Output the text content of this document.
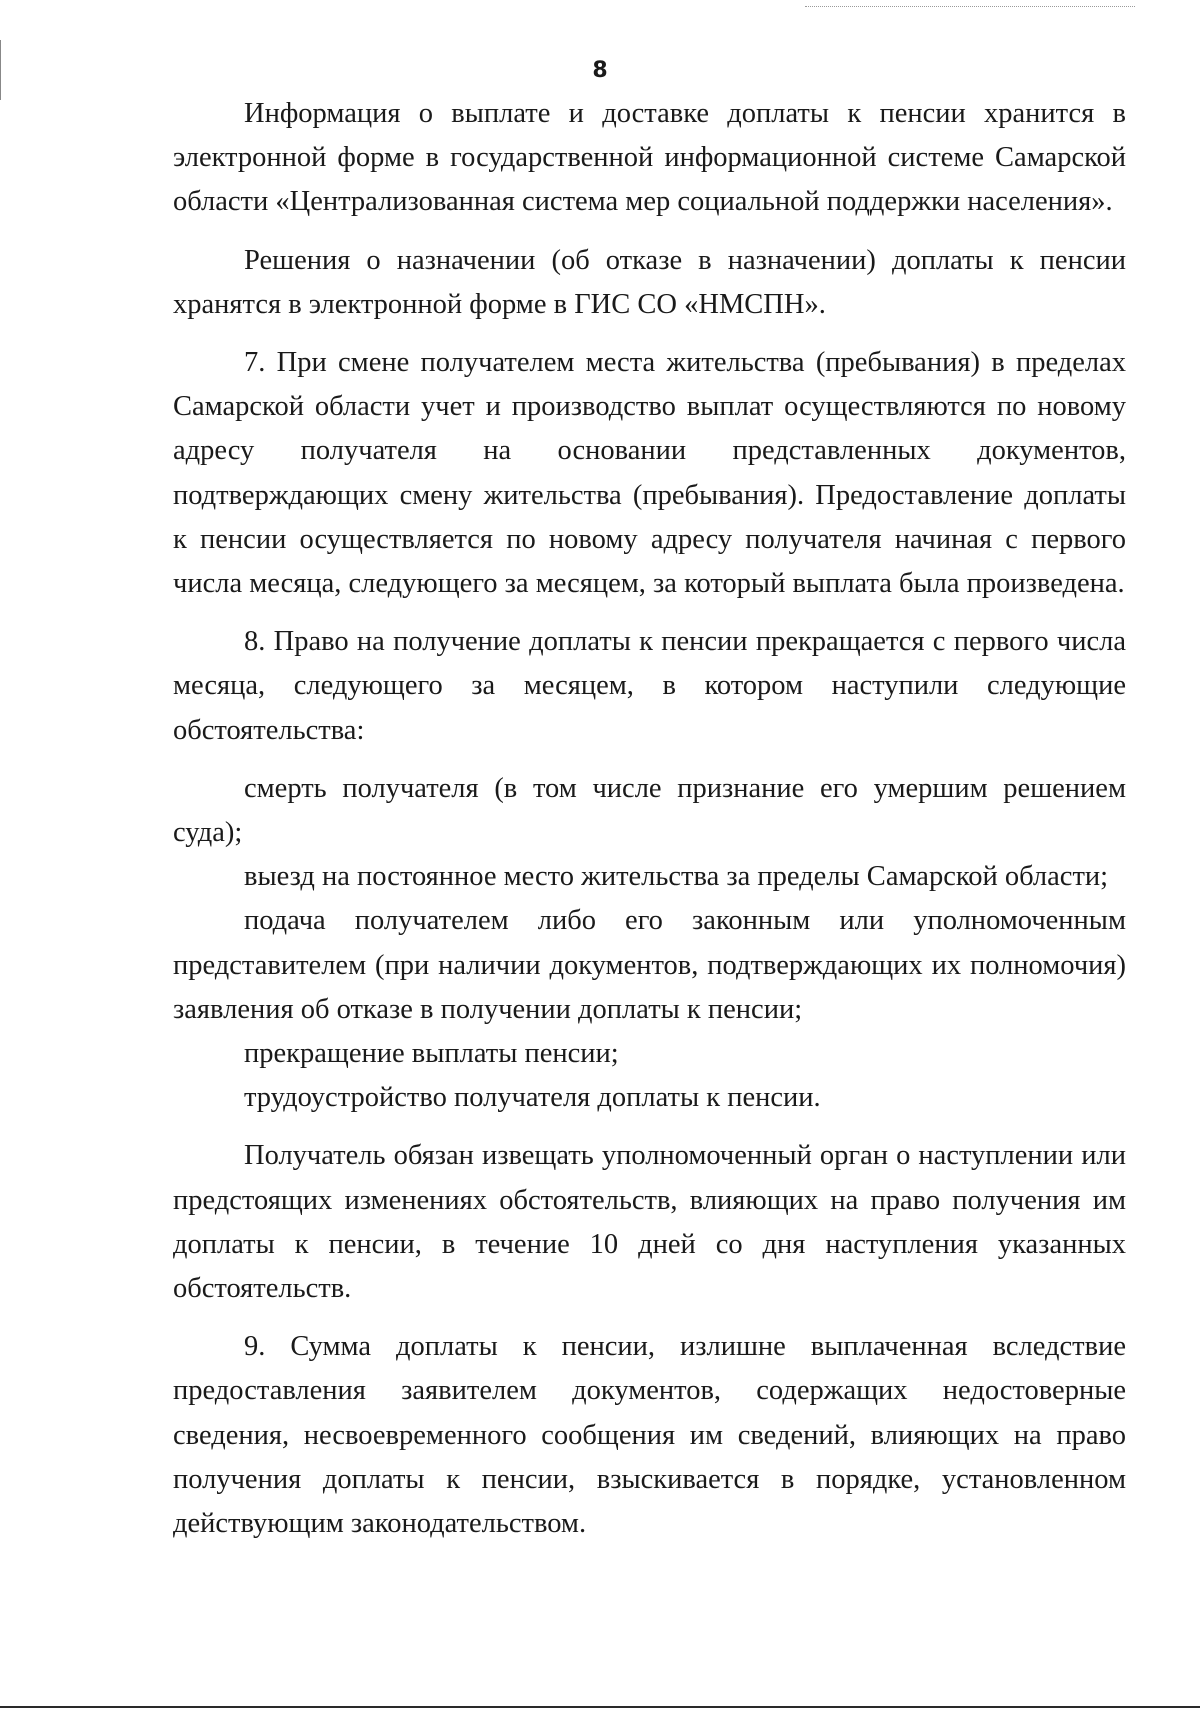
8

Информация о выплате и доставке доплаты к пенсии хранится в электронной форме в государственной информационной системе Самарской области «Централизованная система мер социальной поддержки населения».

Решения о назначении (об отказе в назначении) доплаты к пенсии хранятся в электронной форме в ГИС СО «НМСПН».

7. При смене получателем места жительства (пребывания) в пределах Самарской области учет и производство выплат осуществляются по новому адресу получателя на основании представленных документов, подтверждающих смену жительства (пребывания). Предоставление доплаты к пенсии осуществляется по новому адресу получателя начиная с первого числа месяца, следующего за месяцем, за который выплата была произведена.

8. Право на получение доплаты к пенсии прекращается с первого числа месяца, следующего за месяцем, в котором наступили следующие обстоятельства:

смерть получателя (в том числе признание его умершим решением суда);

выезд на постоянное место жительства за пределы Самарской области;

подача получателем либо его законным или уполномоченным представителем (при наличии документов, подтверждающих их полномочия) заявления об отказе в получении доплаты к пенсии;

прекращение выплаты пенсии;

трудоустройство получателя доплаты к пенсии.

Получатель обязан извещать уполномоченный орган о наступлении или предстоящих изменениях обстоятельств, влияющих на право получения им доплаты к пенсии, в течение 10 дней со дня наступления указанных обстоятельств.

9. Сумма доплаты к пенсии, излишне выплаченная вследствие предоставления заявителем документов, содержащих недостоверные сведения, несвоевременного сообщения им сведений, влияющих на право получения доплаты к пенсии, взыскивается в порядке, установленном действующим законодательством.
